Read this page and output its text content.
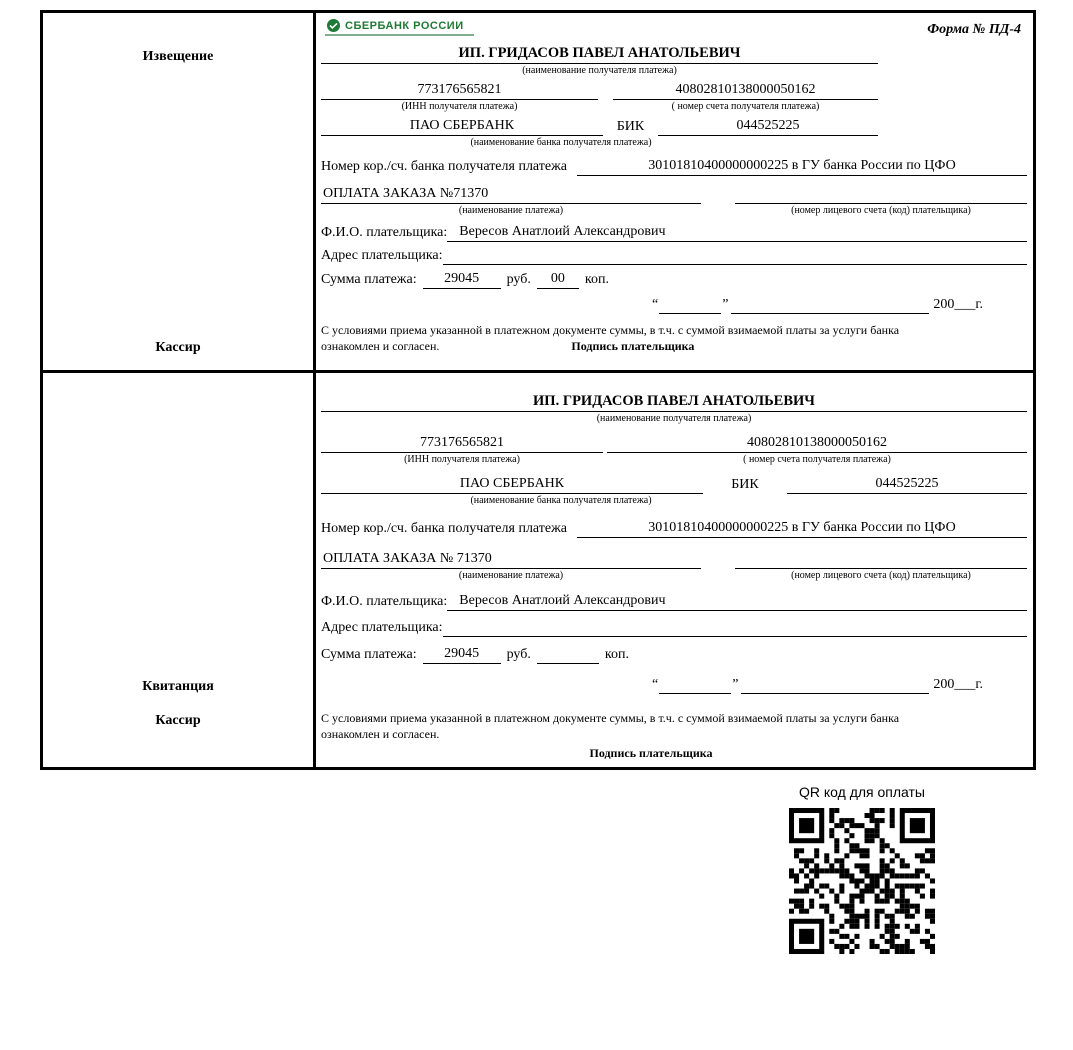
Извещение
Кассир
СБЕРБАНК РОССИИ	Форма № ПД-4
ИП. ГРИДАСОВ ПАВЕЛ АНАТОЛЬЕВИЧ
(наименование получателя платежа)
773176565821
(ИНН получателя платежа)
40802810138000050162
( номер счета получателя платежа)
ПАО СБЕРБАНК	БИК	044525225
(наименование банка получателя платежа)
Номер кор./сч. банка получателя платежа	30101810400000000225 в ГУ банка России по ЦФО
ОПЛАТА ЗАКАЗА №71370
(наименование платежа)	(номер лицевого счета (код) плательщика)
Ф.И.О. плательщика: Вересов Анатлоий Александрович
Адрес плательщика:
Сумма платежа:	29045	руб.	00	коп.
“	”	200___г.
С условиями приема указанной в платежном документе суммы, в т.ч. с суммой взимаемой платы за услуги банка
ознакомлен и согласен.	Подпись плательщика
Квитанция
Кассир
ИП. ГРИДАСОВ ПАВЕЛ АНАТОЛЬЕВИЧ
(наименование получателя платежа)
773176565821
(ИНН получателя платежа)
40802810138000050162
( номер счета получателя платежа)
ПАО СБЕРБАНК	БИК	044525225
(наименование банка получателя платежа)
Номер кор./сч. банка получателя платежа	30101810400000000225 в ГУ банка России по ЦФО
ОПЛАТА ЗАКАЗА № 71370
(наименование платежа)	(номер лицевого счета (код) плательщика)
Ф.И.О. плательщика: Вересов Анатлоий Александрович
Адрес плательщика:
Сумма платежа:	29045	руб.	коп.
“	”	200___г.
С условиями приема указанной в платежном документе суммы, в т.ч. с суммой взимаемой платы за услуги банка
ознакомлен и согласен.
Подпись плательщика
QR код для оплаты
